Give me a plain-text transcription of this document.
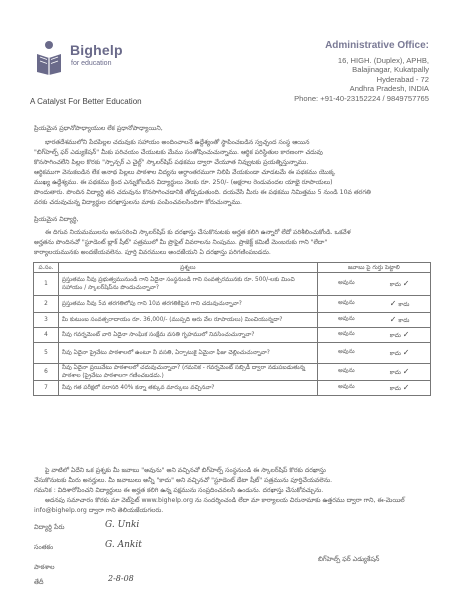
Bighelp
for education
A Catalyst For Better Education
Administrative Office:
16, HIGH. (Duplex), APHB,
Balajinagar, Kukatpally
Hyderabad - 72
Andhra Pradesh, INDIA
Phone: +91-40-23152224 / 9849757765
ప్రియమైన ప్రధానోపాధ్యాయుల లేక ప్రధానోపాధ్యాయిని,
భారతదేశములోని పేదపిల్లల చదువుకు సహాయం అందించాలనే ఉద్దేశ్యంతో స్థాపించబడిన స్వచ్ఛంద సంస్థ ఆయిన
"బిగ్‌హెల్ప్ ఫర్ ఎడ్యుకేషన్" మీకు పరిచయం చేయుటకు మేము సంతోషించుచున్నాము. ఆర్థిక పరిస్థితుల కారణంగా చదువు
కొనసాగించలేని పిల్లల కొరకు "స్పాన్సర్ ఎ చైల్డ్" స్కాలర్‌షిప్ పథకము ద్వారా చేయూత నివ్వుటకు ప్రయత్నిస్తున్నాము.
ఆర్థికముగా వెనుకబడిన లేక అనాథ పిల్లలు పాఠశాల విద్యను అర్ధాంతరముగా నిలిపి వేయకుండా చూడటమే ఈ పథకము యొక్క
ముఖ్య ఉద్దేశ్యము. ఈ పథకము క్రింద ఎన్నుకోబడిన విద్యార్థులు నెలకు రూ. 250/- (అక్షరాల రెండువందల యాభై రూపాయలు)
పొందుతారు. పొందిన విద్యార్థి తన చదువును కొనసాగించడానికి తోడ్పడుతుంది. దయచేసి మీరు ఈ పథకము నిమిత్తము 5 నుండి 10వ తరగతి
వరకు చదువుచున్న విద్యార్థుల దరఖాస్తులను మాకు పంపించవలసిందిగా కోరుచున్నాము.
ప్రియమైన విద్యార్థి,
ఈ దిగువ నియమములను అనుసరించి స్కాలర్‌షిప్ కు దరఖాస్తు చేసుకొనుటకు అర్హత కలిగి ఉన్నారో లేదో పరిశీలించుకోండి. ఒకవేళ
అర్హతను పొందినచో "స్టూడెంట్ బ్లాక్ షీట్" పత్రములో మీ ప్రొఫైల్ వివరాలను నింపుము. ప్రాజెక్ట్ కమిటీ మెంబరుకు గాని "లేదా"
కార్యాలయమునకు అందజేయవలెను. పూర్తి వివరములు అందజేయని ఏ దరఖాస్తు పరిగణింపబడదు.
ప.సం.	ప్రశ్నలు	జవాబు పై గుర్తు పెట్టాలి
1	ప్రస్తుతము నీవు ప్రభుత్వమునుండి గాని ఏదైనా సంస్థనుండి గాని సంవత్సరమునకు రూ. 500/-లకు మించి సహాయం / స్కాలర్‌షిప్‌ను పొందుచున్నావా?	అవును కాదు ✓

2	ప్రస్తుతము నీవు 5వ తరగతిలోపు గాని 10వ తరగతికిపైన గాని చదువుచున్నావా?	అవును ✓ కాదు

3	మీ కుటుంబ సంవత్సరాదాయం రూ. 36,000/- (ముప్పది ఆరు వేల రూపాయలు) మించియున్నదా?	అవును ✓ కాదు

4	నీవు గవర్నమెంట్ వారి ఏదైనా సాంఘిక సంక్షేమ వసతి గృహములో నివసించుచున్నావా?	అవును కాదు ✓

5	నీవు ఏదైనా ప్రైవేటు పాఠశాలలో ఉంటూ నీ వసతి, ఏర్పాటుకై ఏమైనా ఫీజు చెల్లించుచున్నావా?	అవును కాదు ✓

6	నీవు ఏదైనా ప్రయివేటు పాఠశాలలో చదువుచున్నావా? (గమనిక - గవర్నమెంట్ సబ్సిడీ ద్వారా నడుపబడుతున్న పాఠశాల (ప్రైవేటు పాఠశాలగా గణించబడదు.)	అవును కాదు ✓

7	నీవు గత పరీక్షలో సరాసరి 40% కన్నా తక్కువ మార్కులు వచ్చినవా?	అవును కాదు ✓
పై వాటిలో ఏదేని ఒక ప్రశ్నకు మీ జవాబు "అవును" అని వచ్చినచో బిగ్‌హెల్ప్ సంస్థనుండి ఈ స్కాలర్‌షిప్ కొరకు దరఖాస్తు
చేసుకొనుటకు మీరు అనర్హులు. మీ జవాబులు అన్నీ "కాదు" అని వచ్చినచో "స్టూడెంట్ డేటా షీట్" పత్రమును పూర్తిచేయవలెను.
గమనిక : విదిశారోపించని విద్యార్థులు ఈ అర్హత కలిగి ఉన్న పక్షమును సంప్రదించవలసి ఉండును. దరఖాస్తు చేసుకోవచ్చును.
అదనపు సమాచారం కొరకు మా వెబ్‌సైట్ www.bighelp.org ను సందర్శించండి లేదా మా కార్యాలయ చిరునామాకు ఉత్తరము ద్వారా గాని, ఈ-మెయిల్
info@bighelp.org ద్వారా గాని తెలియజేయగలరు.
విద్యార్థి పేరు	G. Unki
సంతకం	G. Ankit
పాఠశాల
తేదీ	2-8-08
బిగ్‌హెల్ప్ ఫర్ ఎడ్యుకేషన్
